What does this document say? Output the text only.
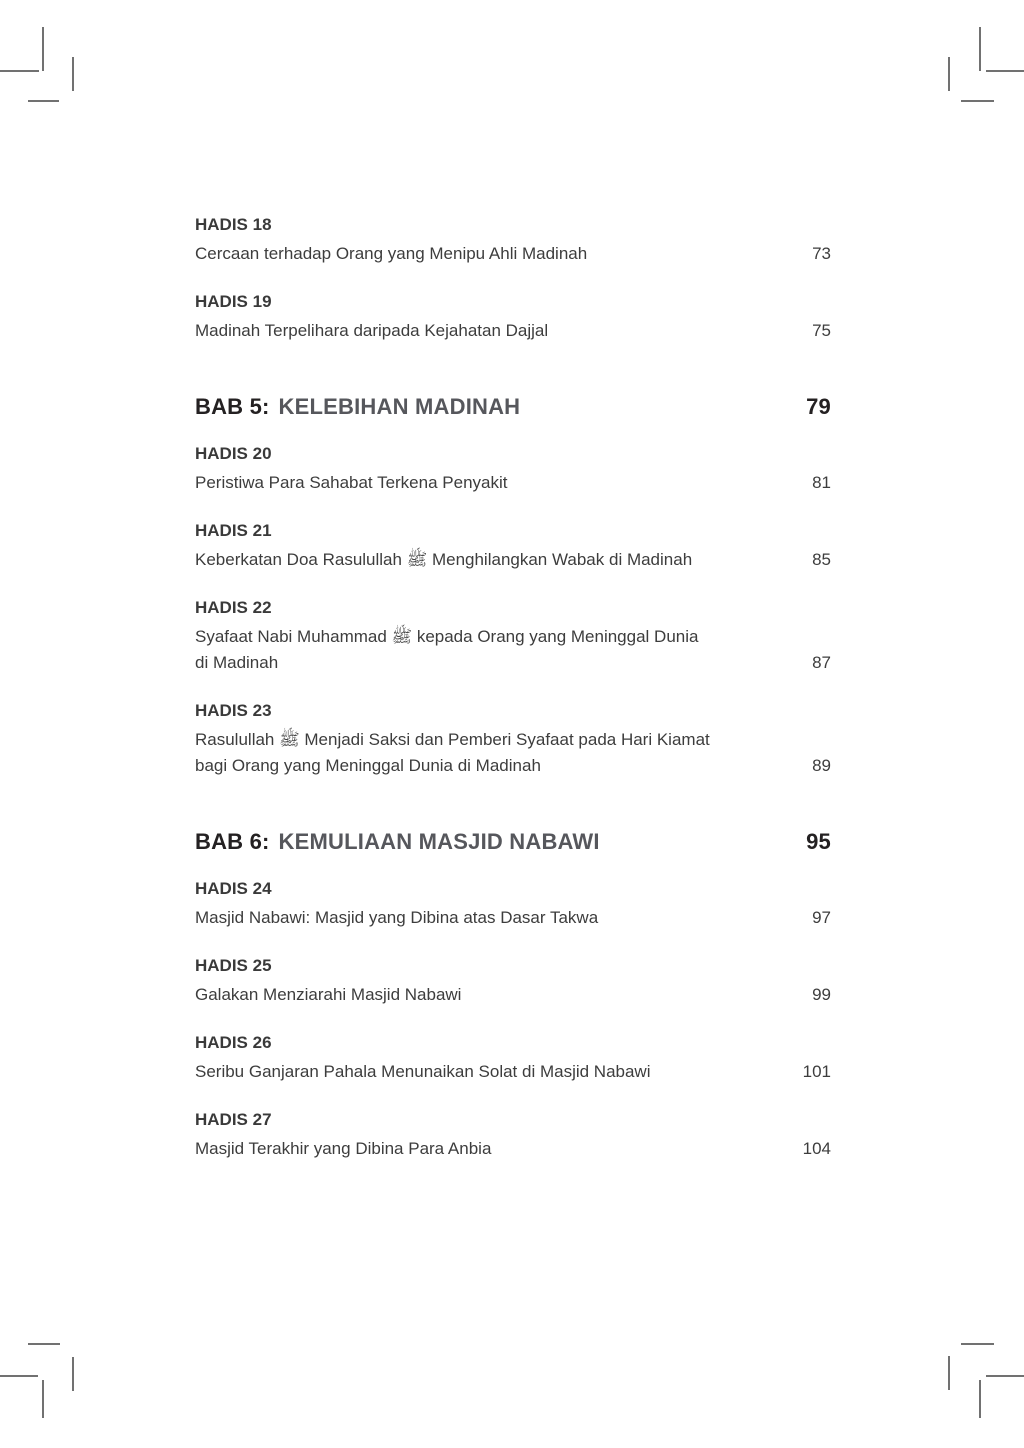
HADIS 18
Cercaan terhadap Orang yang Menipu Ahli Madinah	73
HADIS 19
Madinah Terpelihara daripada Kejahatan Dajjal	75
BAB 5: KELEBIHAN MADINAH	79
HADIS 20
Peristiwa Para Sahabat Terkena Penyakit	81
HADIS 21
Keberkatan Doa Rasulullah ﷺ Menghilangkan Wabak di Madinah	85
HADIS 22
Syafaat Nabi Muhammad ﷺ kepada Orang yang Meninggal Dunia
di Madinah	87
HADIS 23
Rasulullah ﷺ Menjadi Saksi dan Pemberi Syafaat pada Hari Kiamat
bagi Orang yang Meninggal Dunia di Madinah	89
BAB 6: KEMULIAAN MASJID NABAWI	95
HADIS 24
Masjid Nabawi: Masjid yang Dibina atas Dasar Takwa	97
HADIS 25
Galakan Menziarahi Masjid Nabawi	99
HADIS 26
Seribu Ganjaran Pahala Menunaikan Solat di Masjid Nabawi	101
HADIS 27
Masjid Terakhir yang Dibina Para Anbia	104
